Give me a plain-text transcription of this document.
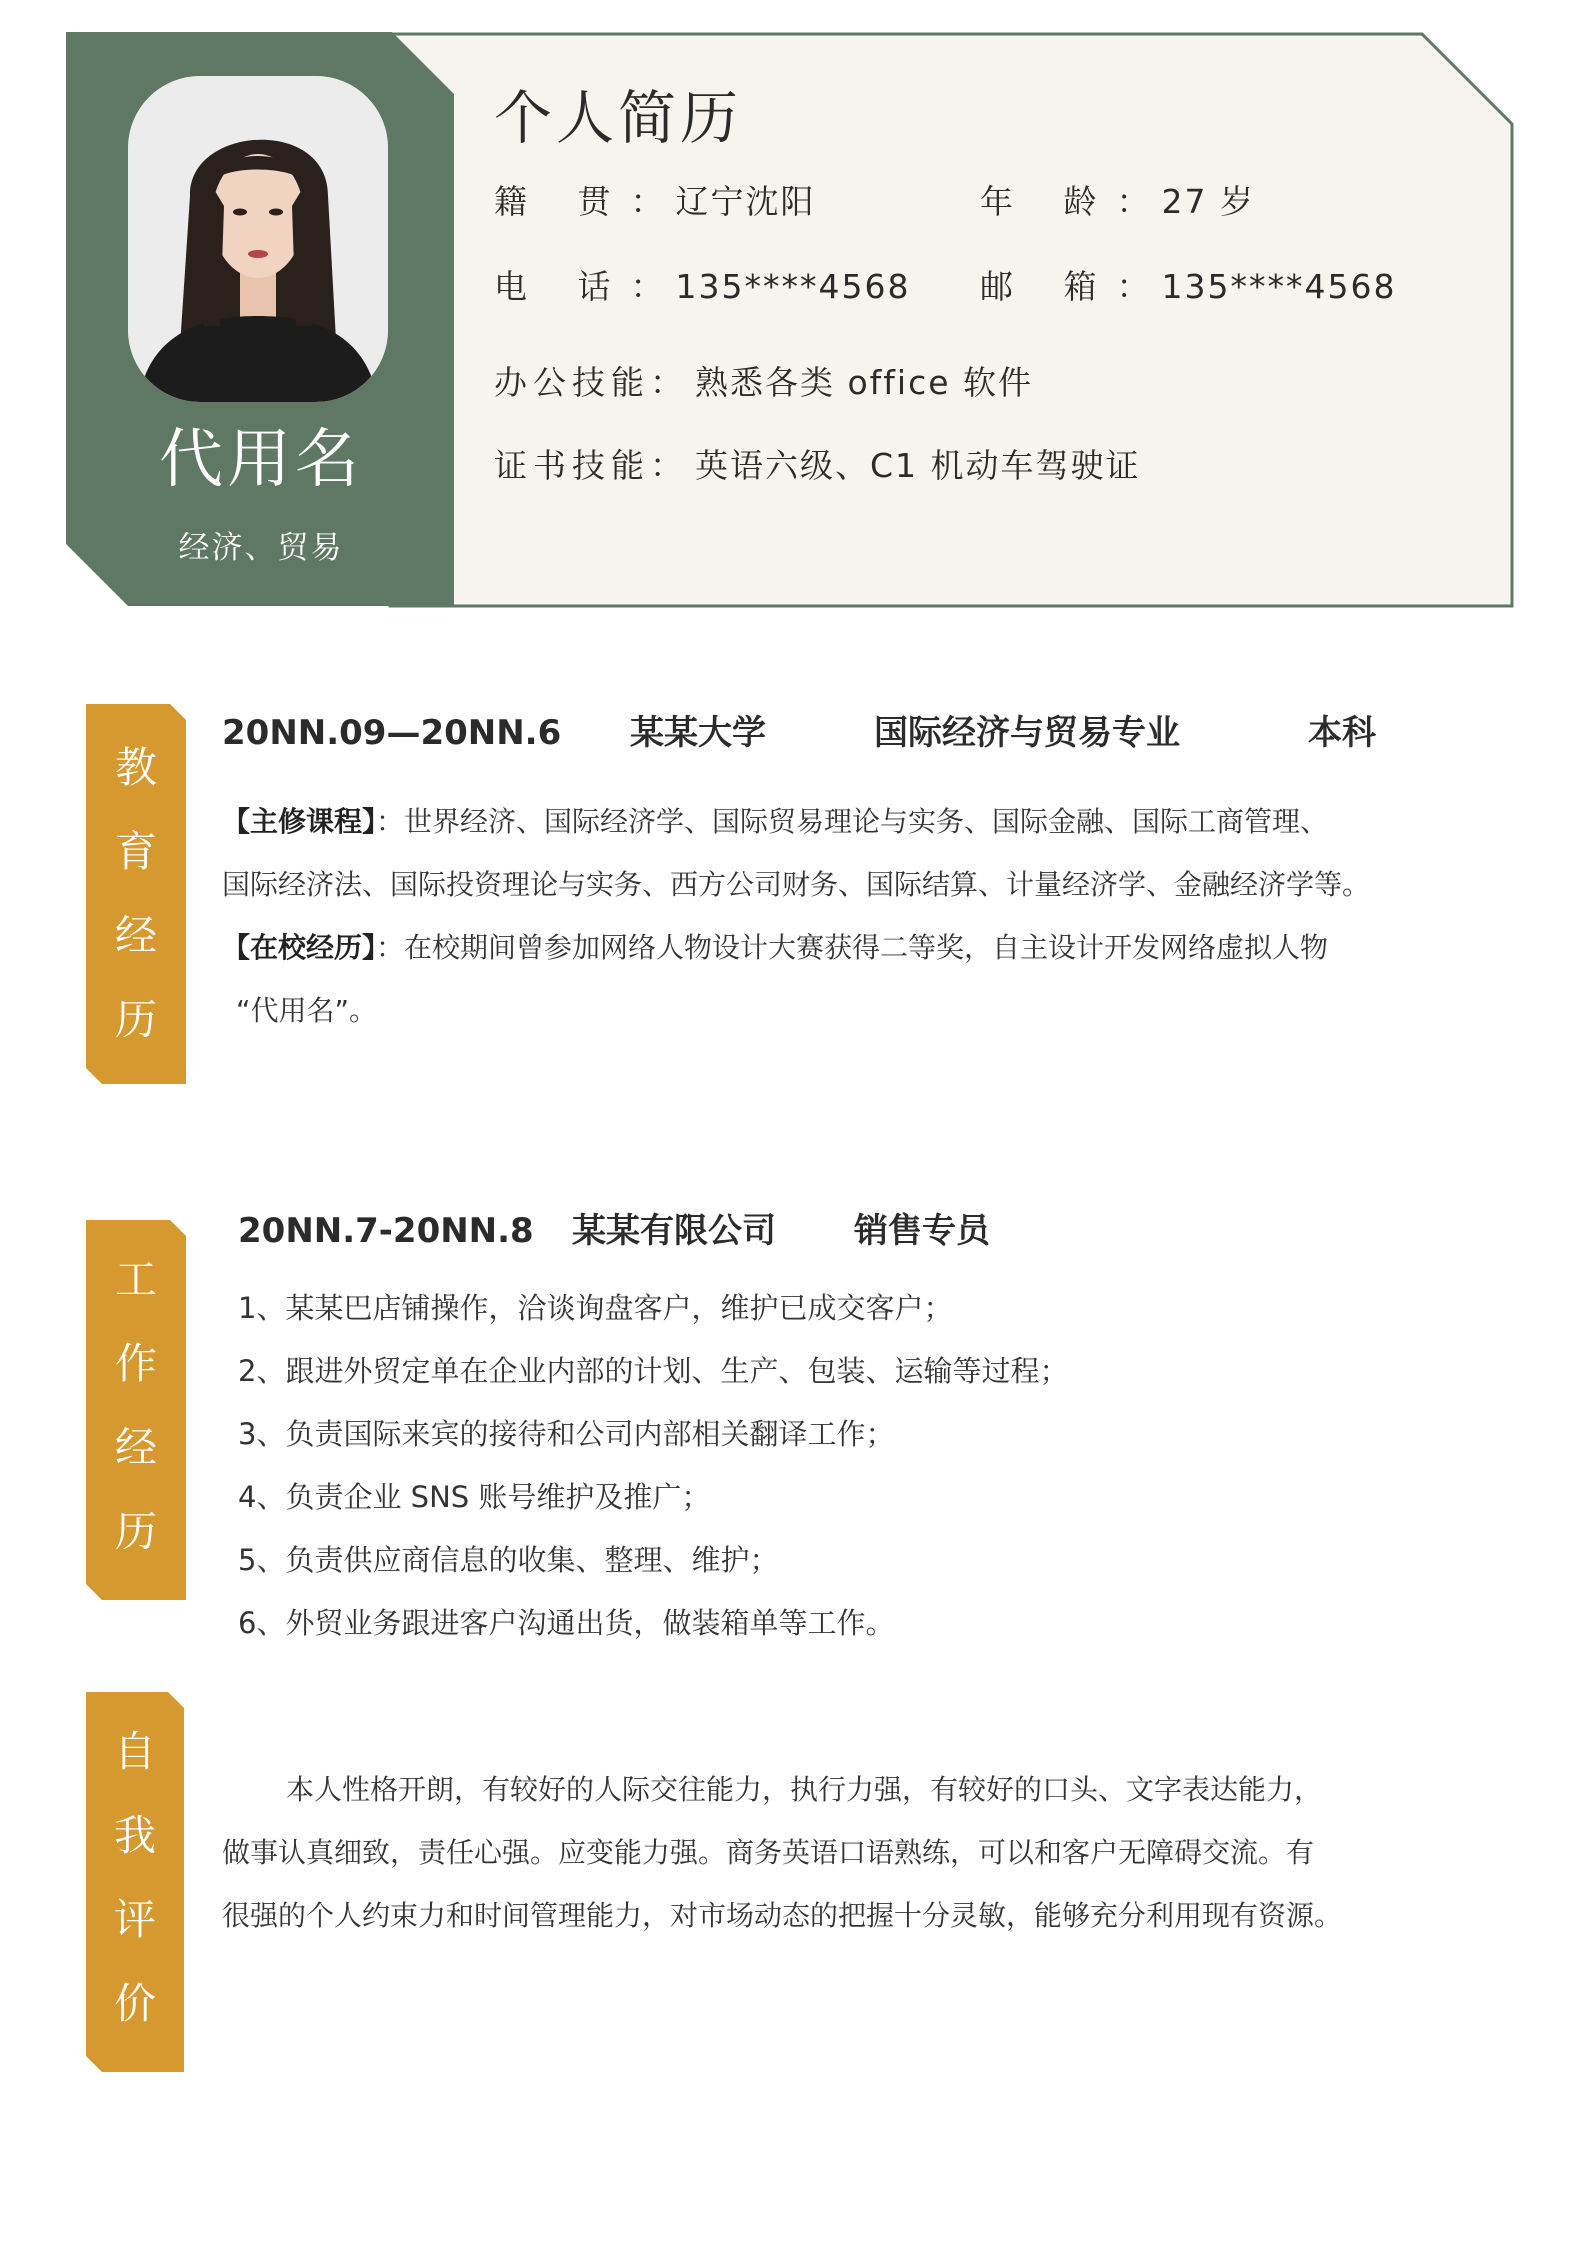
代用名
经济、贸易
个人简历
籍 贯： 辽宁沈阳	年 龄： 27 岁
电 话： 135****4568 邮 箱： 135****4568
办公技能： 熟悉各类 office 软件
证书技能： 英语六级、C1 机动车驾驶证
教
育
经
历
20NN.09—20NN.6 某某大学	国际经济与贸易专业	本科
【主修课程】：世界经济、国际经济学、国际贸易理论与实务、国际金融、国际工商管理、
国际经济法、国际投资理论与实务、西方公司财务、国际结算、计量经济学、金融经济学等。
【在校经历】：在校期间曾参加网络人物设计大赛获得二等奖，自主设计开发网络虚拟人物
“代用名”。
工
作
经
历
20NN.7-20NN.8 某某有限公司 销售专员
1、某某巴店铺操作，洽谈询盘客户，维护已成交客户；
2、跟进外贸定单在企业内部的计划、生产、包装、运输等过程；
3、负责国际来宾的接待和公司内部相关翻译工作；
4、负责企业 SNS 账号维护及推广；
5、负责供应商信息的收集、整理、维护；
6、外贸业务跟进客户沟通出货，做装箱单等工作。
自
我
评
价
本人性格开朗，有较好的人际交往能力，执行力强，有较好的口头、文字表达能力，
做事认真细致，责任心强。应变能力强。商务英语口语熟练，可以和客户无障碍交流。有
很强的个人约束力和时间管理能力，对市场动态的把握十分灵敏，能够充分利用现有资源。
